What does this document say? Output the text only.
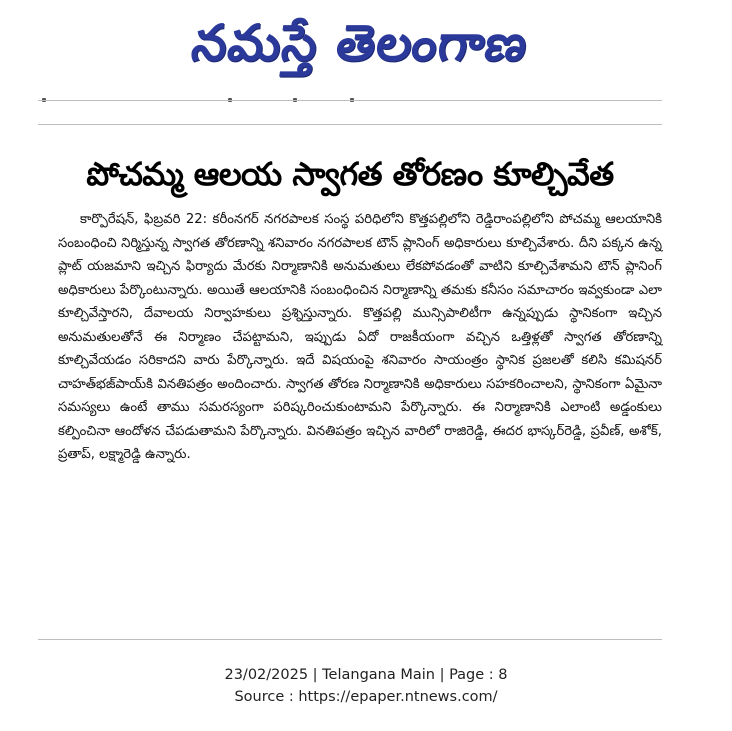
నమస్తే తెలంగాణ
పోచమ్మ ఆలయ స్వాగత తోరణం కూల్చివేత
కార్పొరేషన్, ఫిబ్రవరి 22: కరీంనగర్ నగరపాలక సంస్థ పరిధిలోని కొత్తపల్లిలోని రెడ్డిరాంపల్లిలోని పోచమ్మ ఆలయానికి సంబంధించి నిర్మిస్తున్న స్వాగత తోరణాన్ని శనివారం నగరపాలక టౌన్ ప్లానింగ్ అధికారులు కూల్చివేశారు. దీని పక్కన ఉన్న ప్లాట్ యజమాని ఇచ్చిన ఫిర్యాదు మేరకు నిర్మాణానికి అనుమతులు లేకపోవడంతో వాటిని కూల్చివేశామని టౌన్ ప్లానింగ్ అధికారులు పేర్కొంటున్నారు. అయితే ఆలయానికి సంబంధించిన నిర్మాణాన్ని తమకు కనీసం సమాచారం ఇవ్వకుండా ఎలా కూల్చివేస్తారని, దేవాలయ నిర్వాహకులు ప్రశ్నిస్తున్నారు. కొత్తపల్లి మున్సిపాలిటీగా ఉన్నప్పుడు స్థానికంగా ఇచ్చిన అనుమతులతోనే ఈ నిర్మాణం చేపట్టామని, ఇప్పుడు ఏదో రాజకీయంగా వచ్చిన ఒత్తిళ్లతో స్వాగత తోరణాన్ని కూల్చివేయడం సరికాదని వారు పేర్కొన్నారు. ఇదే విషయంపై శనివారం సాయంత్రం స్థానిక ప్రజలతో కలిసి కమిషనర్ చాహత్‌భజ్‌పాయ్‌కి వినతిపత్రం అందించారు. స్వాగత తోరణ నిర్మాణానికి అధికారులు సహకరించాలని, స్థానికంగా ఏమైనా సమస్యలు ఉంటే తాము సమరస్యంగా పరిష్కరించుకుంటామని పేర్కొన్నారు. ఈ నిర్మాణానికి ఎలాంటి అడ్డంకులు కల్పించినా ఆందోళన చేపడుతామని పేర్కొన్నారు. వినతిపత్రం ఇచ్చిన వారిలో రాజిరెడ్డి, ఈదర భాస్కర్‌రెడ్డి, ప్రవీణ్, అశోక్, ప్రతాప్, లక్ష్మారెడ్డి ఉన్నారు.
23/02/2025 | Telangana Main | Page : 8
Source : https://epaper.ntnews.com/
